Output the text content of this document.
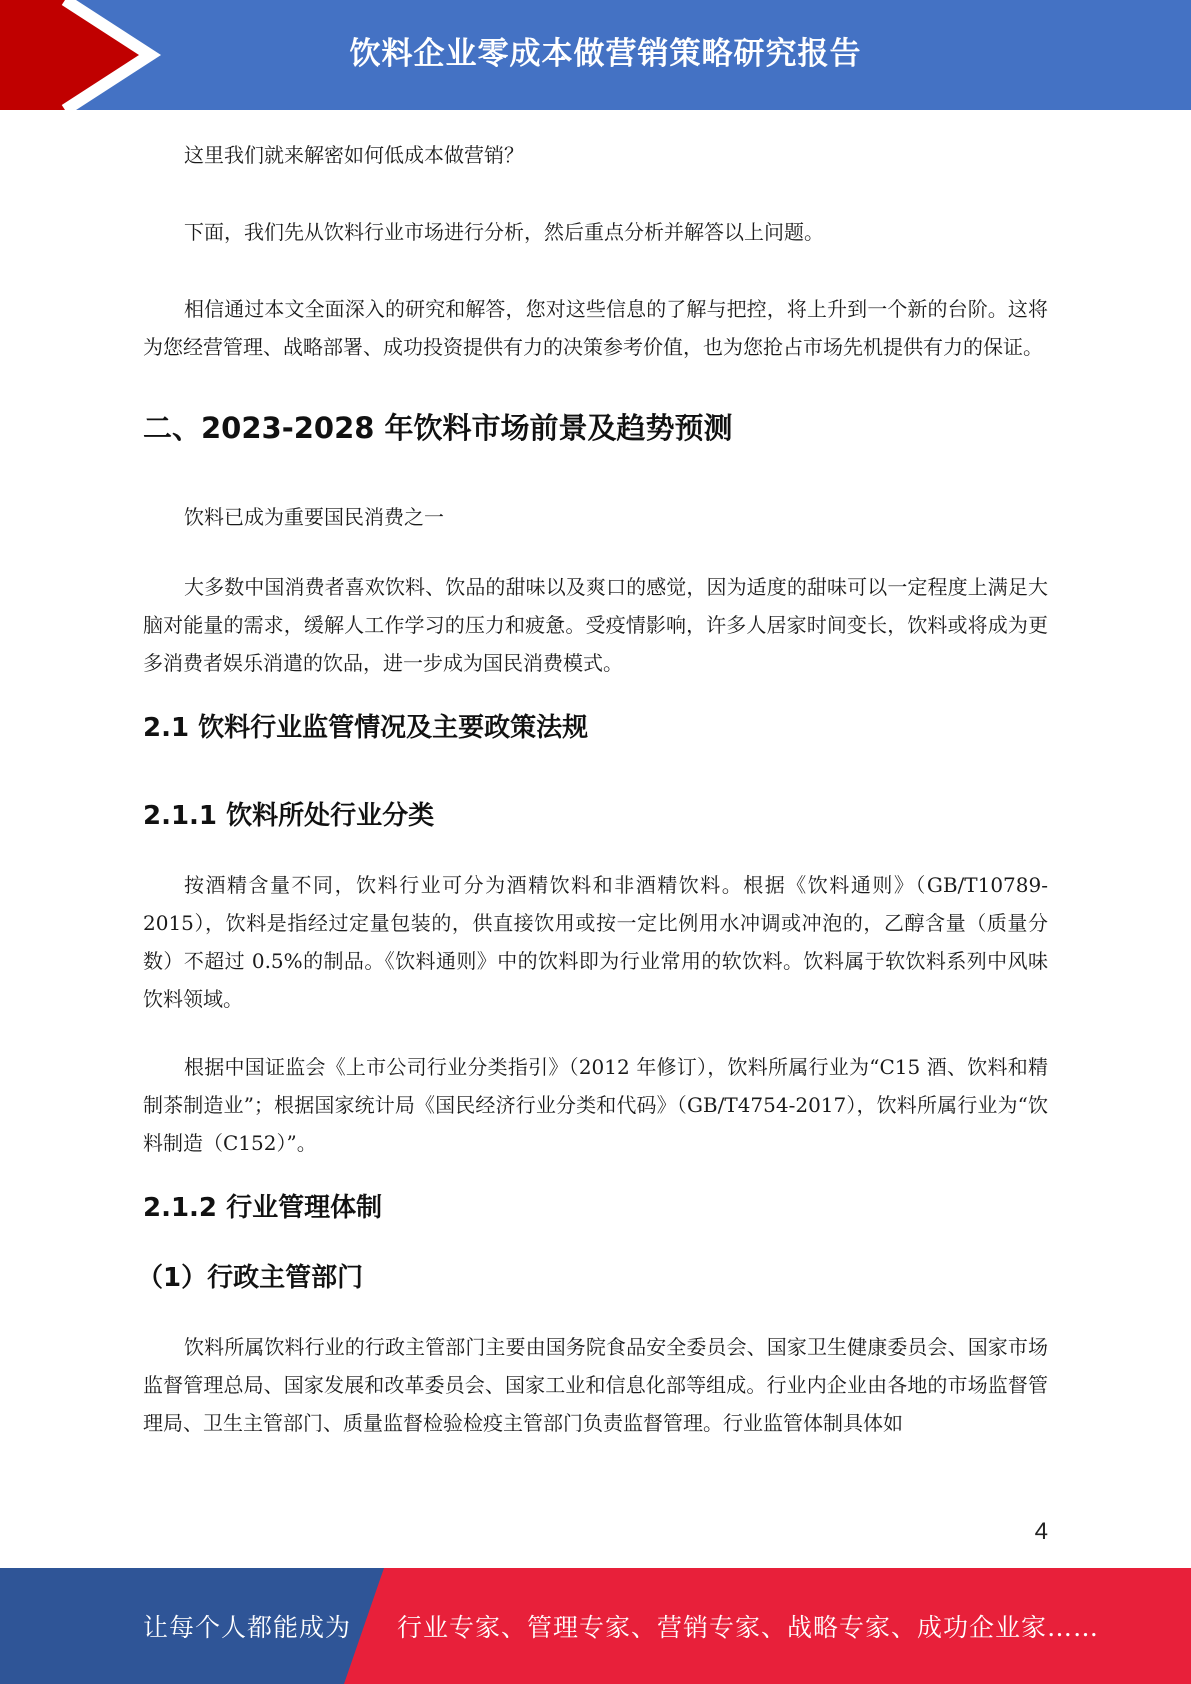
饮料企业零成本做营销策略研究报告

这里我们就来解密如何低成本做营销？

下面，我们先从饮料行业市场进行分析，然后重点分析并解答以上问题。

相信通过本文全面深入的研究和解答，您对这些信息的了解与把控，将上升到一个新的台阶。这将为您经营管理、战略部署、成功投资提供有力的决策参考价值，也为您抢占市场先机提供有力的保证。

二、2023-2028 年饮料市场前景及趋势预测

饮料已成为重要国民消费之一

大多数中国消费者喜欢饮料、饮品的甜味以及爽口的感觉，因为适度的甜味可以一定程度上满足大脑对能量的需求，缓解人工作学习的压力和疲惫。受疫情影响，许多人居家时间变长，饮料或将成为更多消费者娱乐消遣的饮品，进一步成为国民消费模式。

2.1 饮料行业监管情况及主要政策法规
2.1.1 饮料所处行业分类

按酒精含量不同，饮料行业可分为酒精饮料和非酒精饮料。根据《饮料通则》（GB/T10789-2015），饮料是指经过定量包装的，供直接饮用或按一定比例用水冲调或冲泡的，乙醇含量（质量分数）不超过 0.5%的制品。《饮料通则》中的饮料即为行业常用的软饮料。饮料属于软饮料系列中风味饮料领域。

根据中国证监会《上市公司行业分类指引》（2012 年修订），饮料所属行业为“C15 酒、饮料和精制茶制造业”；根据国家统计局《国民经济行业分类和代码》（GB/T4754-2017），饮料所属行业为“饮料制造（C152）”。

2.1.2 行业管理体制
（1）行政主管部门

饮料所属饮料行业的行政主管部门主要由国务院食品安全委员会、国家卫生健康委员会、国家市场监督管理总局、国家发展和改革委员会、国家工业和信息化部等组成。行业内企业由各地的市场监督管理局、卫生主管部门、质量监督检验检疫主管部门负责监督管理。行业监管体制具体如

4
让每个人都能成为 行业专家、管理专家、营销专家、战略专家、成功企业家……
